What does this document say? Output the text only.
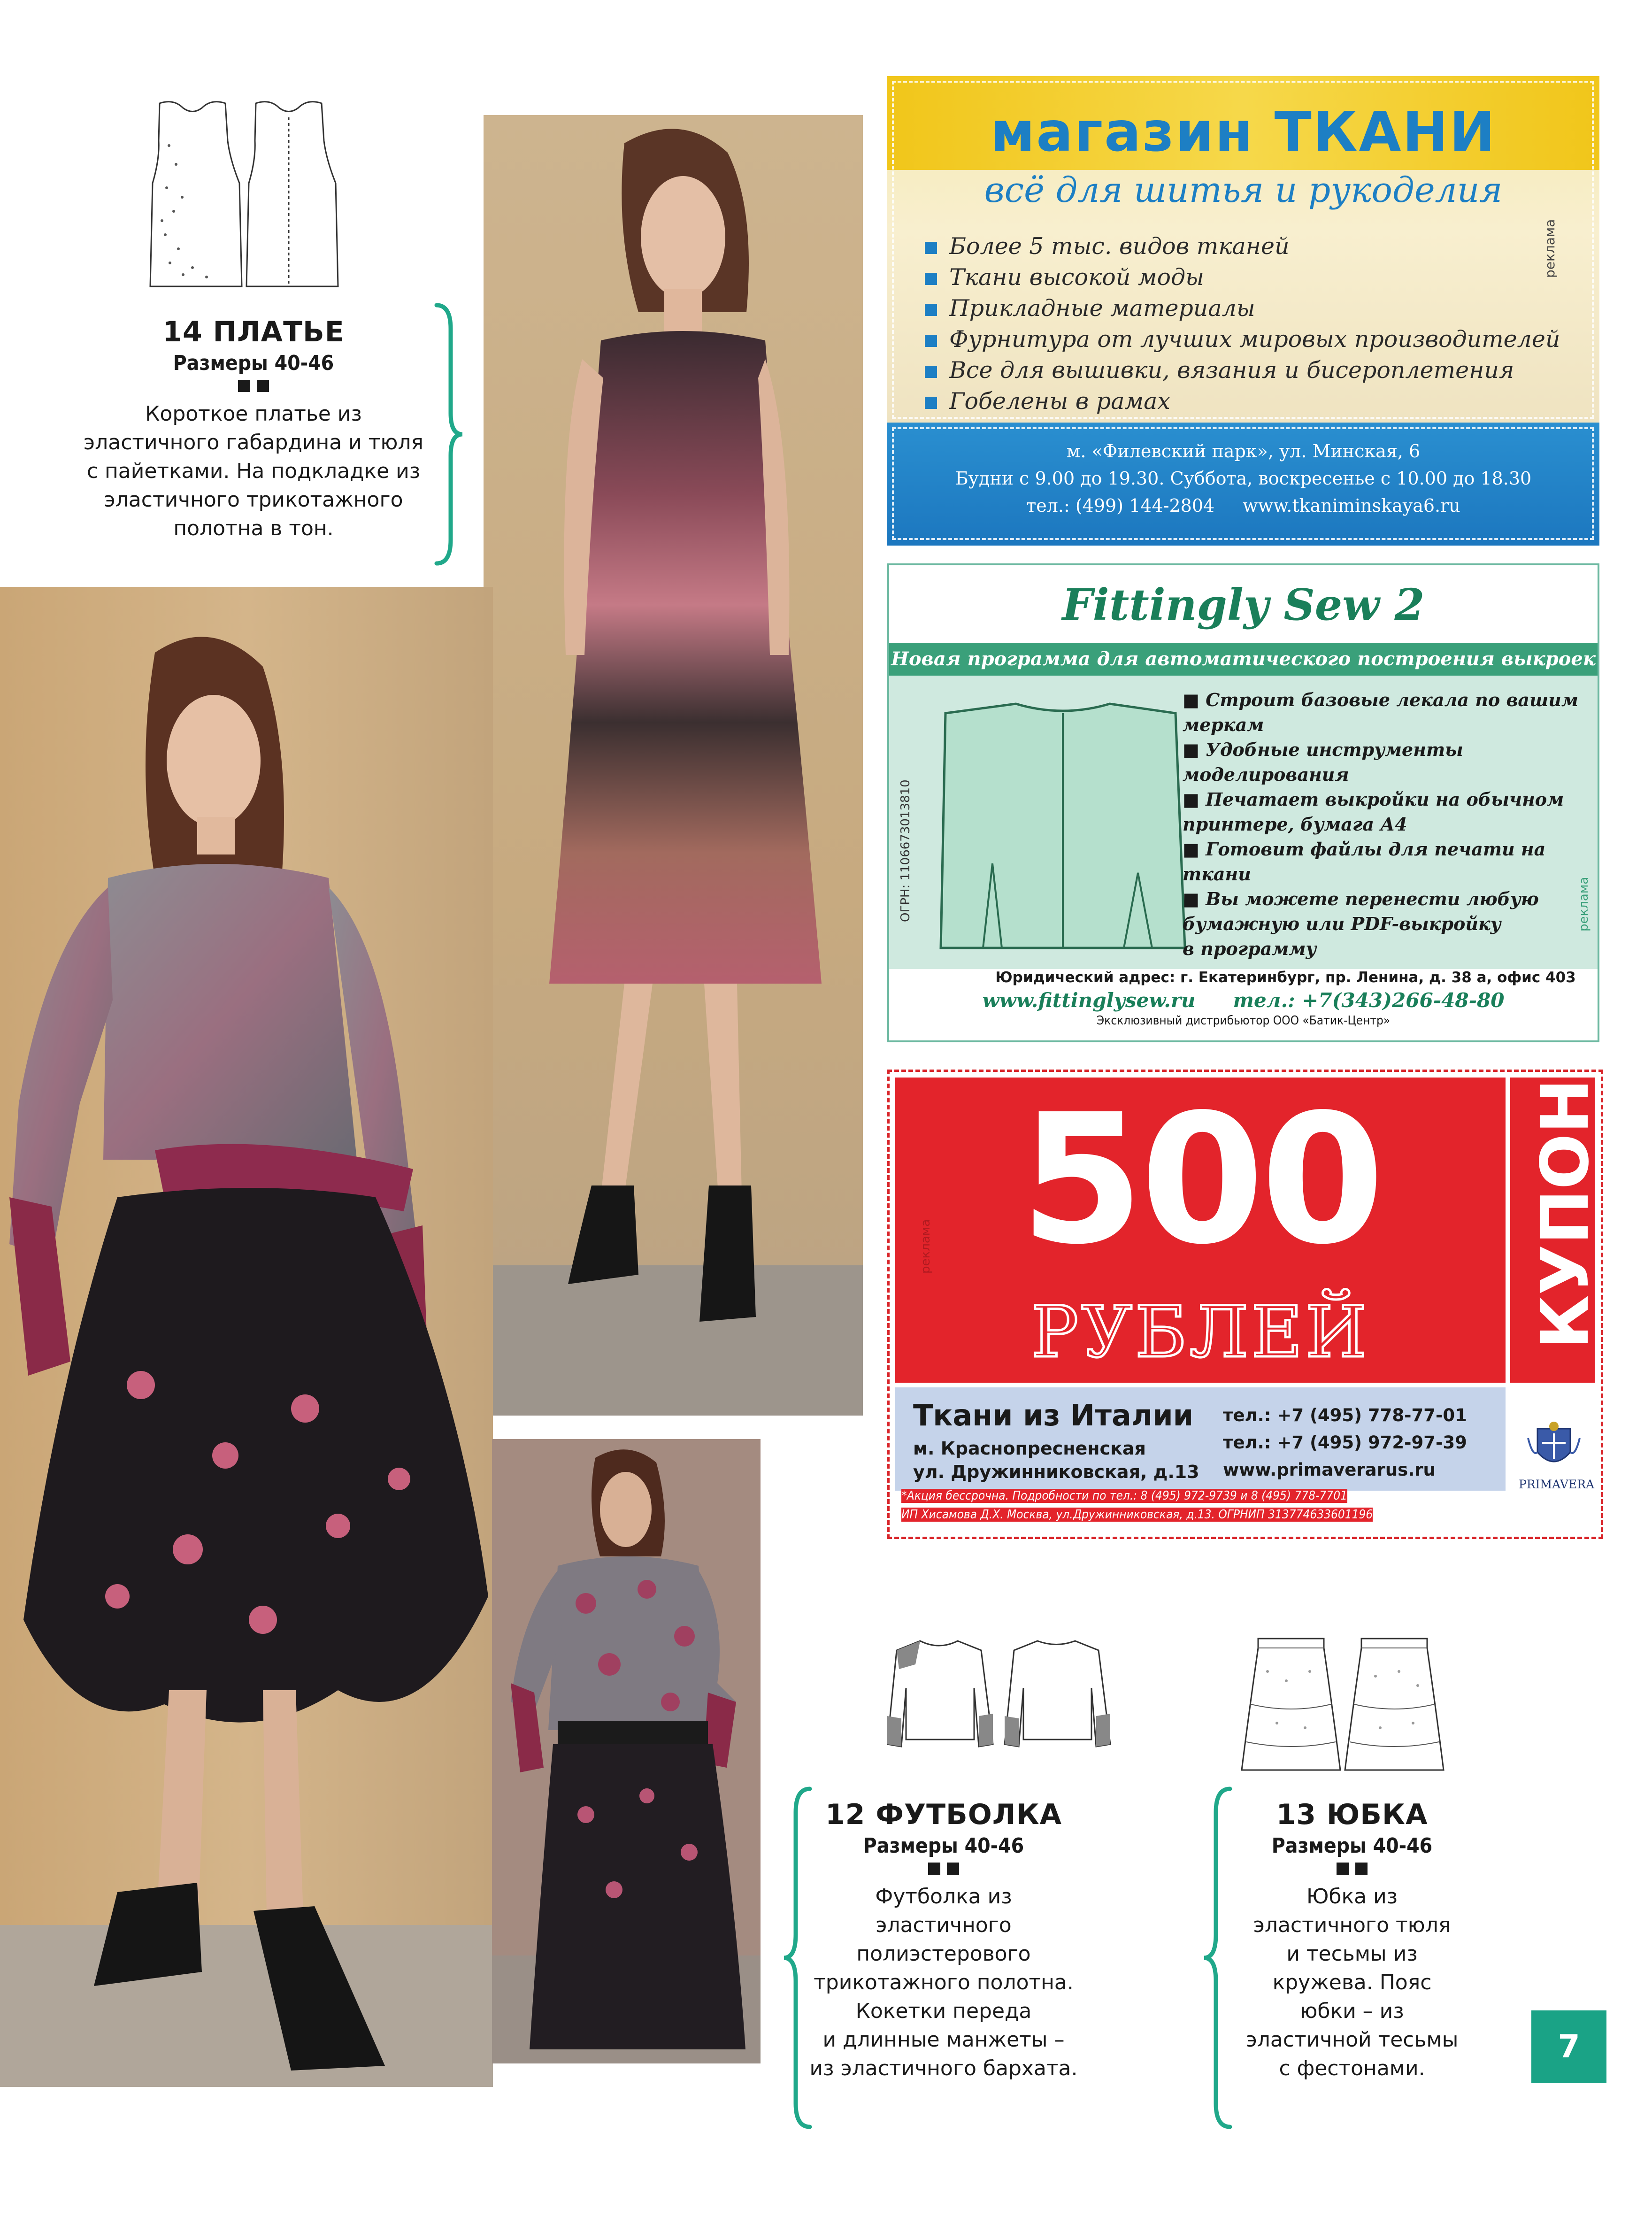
14 ПЛАТЬЕ
Размеры 40-46
Короткое платье из
эластичного габардина и тюля
с пайетками. На подкладке из
эластичного трикотажного
полотна в тон.
магазин ТКАНИ
всё для шитья и рукоделия
Более 5 тыс. видов тканей
Ткани высокой моды
Прикладные материалы
Фурнитура от лучших мировых производителей
Все для вышивки, вязания и бисероплетения
Гобелены в рамах
реклама
м. «Филевский парк», ул. Минская, 6
Будни с 9.00 до 19.30. Суббота, воскресенье с 10.00 до 18.30
тел.: (499) 144-2804 www.tkaniminskaya6.ru
Fittingly Sew 2
Новая программа для автоматического построения выкроек
ОГРН: 1106673013810
■ Строит базовые лекала по вашим
меркам
■ Удобные инструменты
моделирования
■ Печатает выкройки на обычном
принтере, бумага А4
■ Готовит файлы для печати на ткани
■ Вы можете перенести любую
бумажную или PDF-выкройку
в программу
реклама
Юридический адрес: г. Екатеринбург, пр. Ленина, д. 38 а, офис 403
www.fittinglysew.ru тел.: +7(343)266-48-80
Эксклюзивный дистрибьютор ООО «Батик-Центр»
500
РУБЛЕЙ
реклама	КУПОН
Ткани из Италии
м. Краснопресненская
ул. Дружинниковская, д.13
тел.: +7 (495) 778-77-01
тел.: +7 (495) 972-97-39
www.primaverarus.ru
*Акция бессрочна. Подробности по тел.: 8 (495) 972-9739 и 8 (495) 778-7701
ИП Хисамова Д.Х. Москва, ул.Дружинниковская, д.13. ОГРНИП 313774633601196
PRIMAVERA
12 ФУТБОЛКА
Размеры 40-46
Футболка из
эластичного
полиэстерового
трикотажного полотна.
Кокетки переда
и длинные манжеты –
из эластичного бархата.
13 ЮБКА
Размеры 40-46
Юбка из
эластичного тюля
и тесьмы из
кружева. Пояс
юбки – из
эластичной тесьмы
с фестонами.
7
